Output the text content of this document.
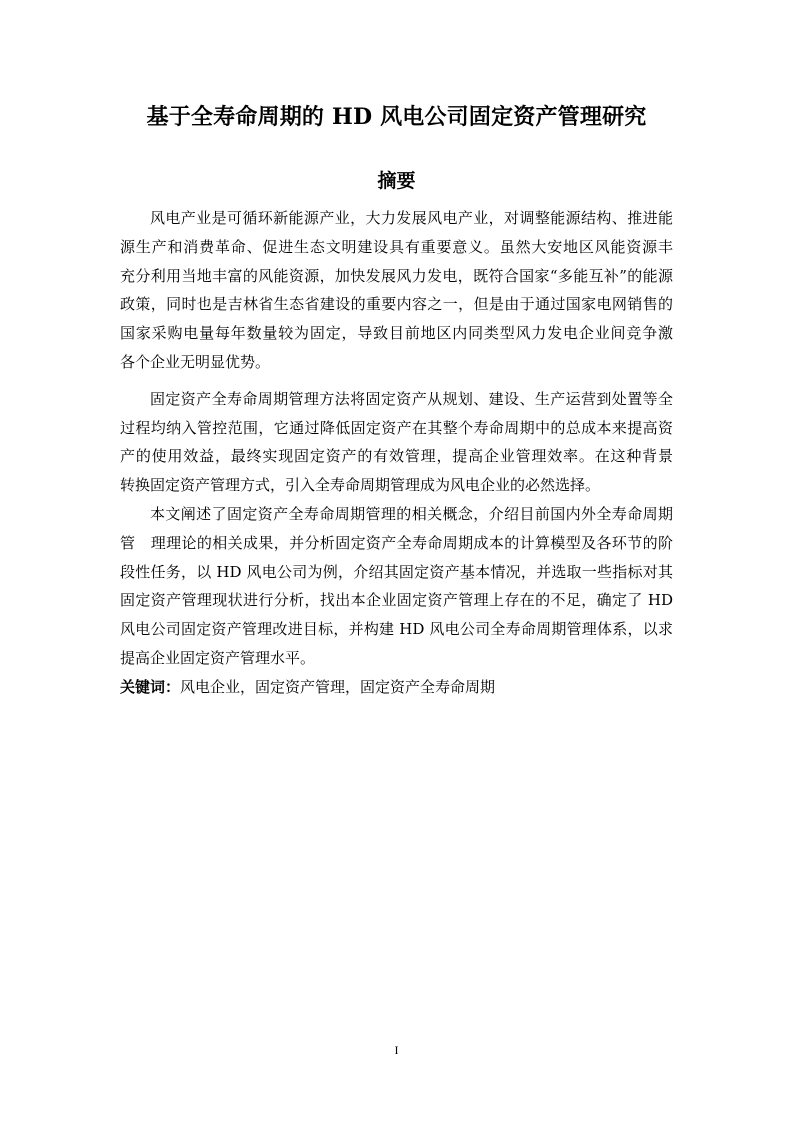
基于全寿命周期的 HD 风电公司固定资产管理研究
摘要
风电产业是可循环新能源产业，大力发展风电产业，对调整能源结构、推进能
源生产和消费革命、促进生态文明建设具有重要意义。虽然大安地区风能资源丰
充分利用当地丰富的风能资源，加快发展风力发电，既符合国家“多能互补”的能源
政策，同时也是吉林省生态省建设的重要内容之一，但是由于通过国家电网销售的
国家采购电量每年数量较为固定，导致目前地区内同类型风力发电企业间竞争激
各个企业无明显优势。
固定资产全寿命周期管理方法将固定资产从规划、建设、生产运营到处置等全
过程均纳入管控范围，它通过降低固定资产在其整个寿命周期中的总成本来提高资
产的使用效益，最终实现固定资产的有效管理，提高企业管理效率。在这种背景
转换固定资产管理方式，引入全寿命周期管理成为风电企业的必然选择。
本文阐述了固定资产全寿命周期管理的相关概念，介绍目前国内外全寿命周期
管　理理论的相关成果，并分析固定资产全寿命周期成本的计算模型及各环节的阶
段性任务，以 HD 风电公司为例，介绍其固定资产基本情况，并选取一些指标对其
固定资产管理现状进行分析，找出本企业固定资产管理上存在的不足，确定了 HD
风电公司固定资产管理改进目标，并构建 HD 风电公司全寿命周期管理体系，以求
提高企业固定资产管理水平。
关键词：风电企业，固定资产管理，固定资产全寿命周期
I
